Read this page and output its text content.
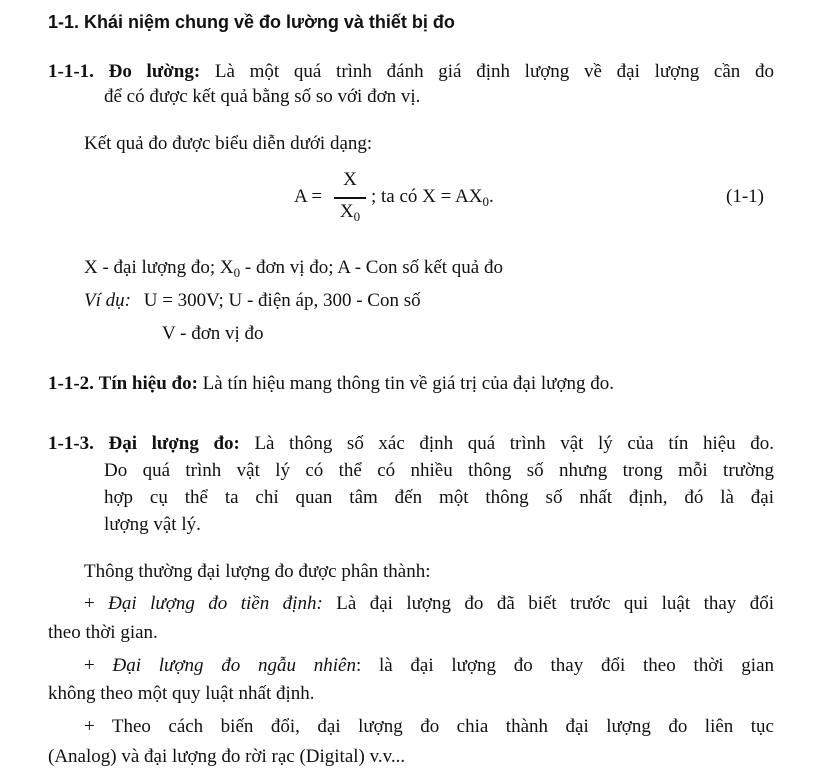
1-1. Khái niệm chung về đo lường và thiết bị đo
1-1-1. Đo lường: Là một quá trình đánh giá định lượng về đại lượng cần đo
để có được kết quả bằng số so với đơn vị.
Kết quả đo được biểu diễn dưới dạng:
A =
X
$X_0$
; ta có $X = AX_0$.	(1-1)
X - đại lượng đo; $X_0$ - đơn vị đo; A - Con số kết quả đo
Ví dụ: U = 300V; U - điện áp, 300 - Con số
V - đơn vị đo
1-1-2. Tín hiệu đo: Là tín hiệu mang thông tin về giá trị của đại lượng đo.
1-1-3. Đại lượng đo: Là thông số xác định quá trình vật lý của tín hiệu đo.
Do quá trình vật lý có thể có nhiều thông số nhưng trong mỗi trường
hợp cụ thể ta chỉ quan tâm đến một thông số nhất định, đó là đại
lượng vật lý.
Thông thường đại lượng đo được phân thành:
+ Đại lượng đo tiền định: Là đại lượng đo đã biết trước qui luật thay đổi
theo thời gian.
+ Đại lượng đo ngẫu nhiên: là đại lượng đo thay đổi theo thời gian
không theo một quy luật nhất định.
+ Theo cách biến đổi, đại lượng đo chia thành đại lượng đo liên tục
(Analog) và đại lượng đo rời rạc (Digital) v.v...
